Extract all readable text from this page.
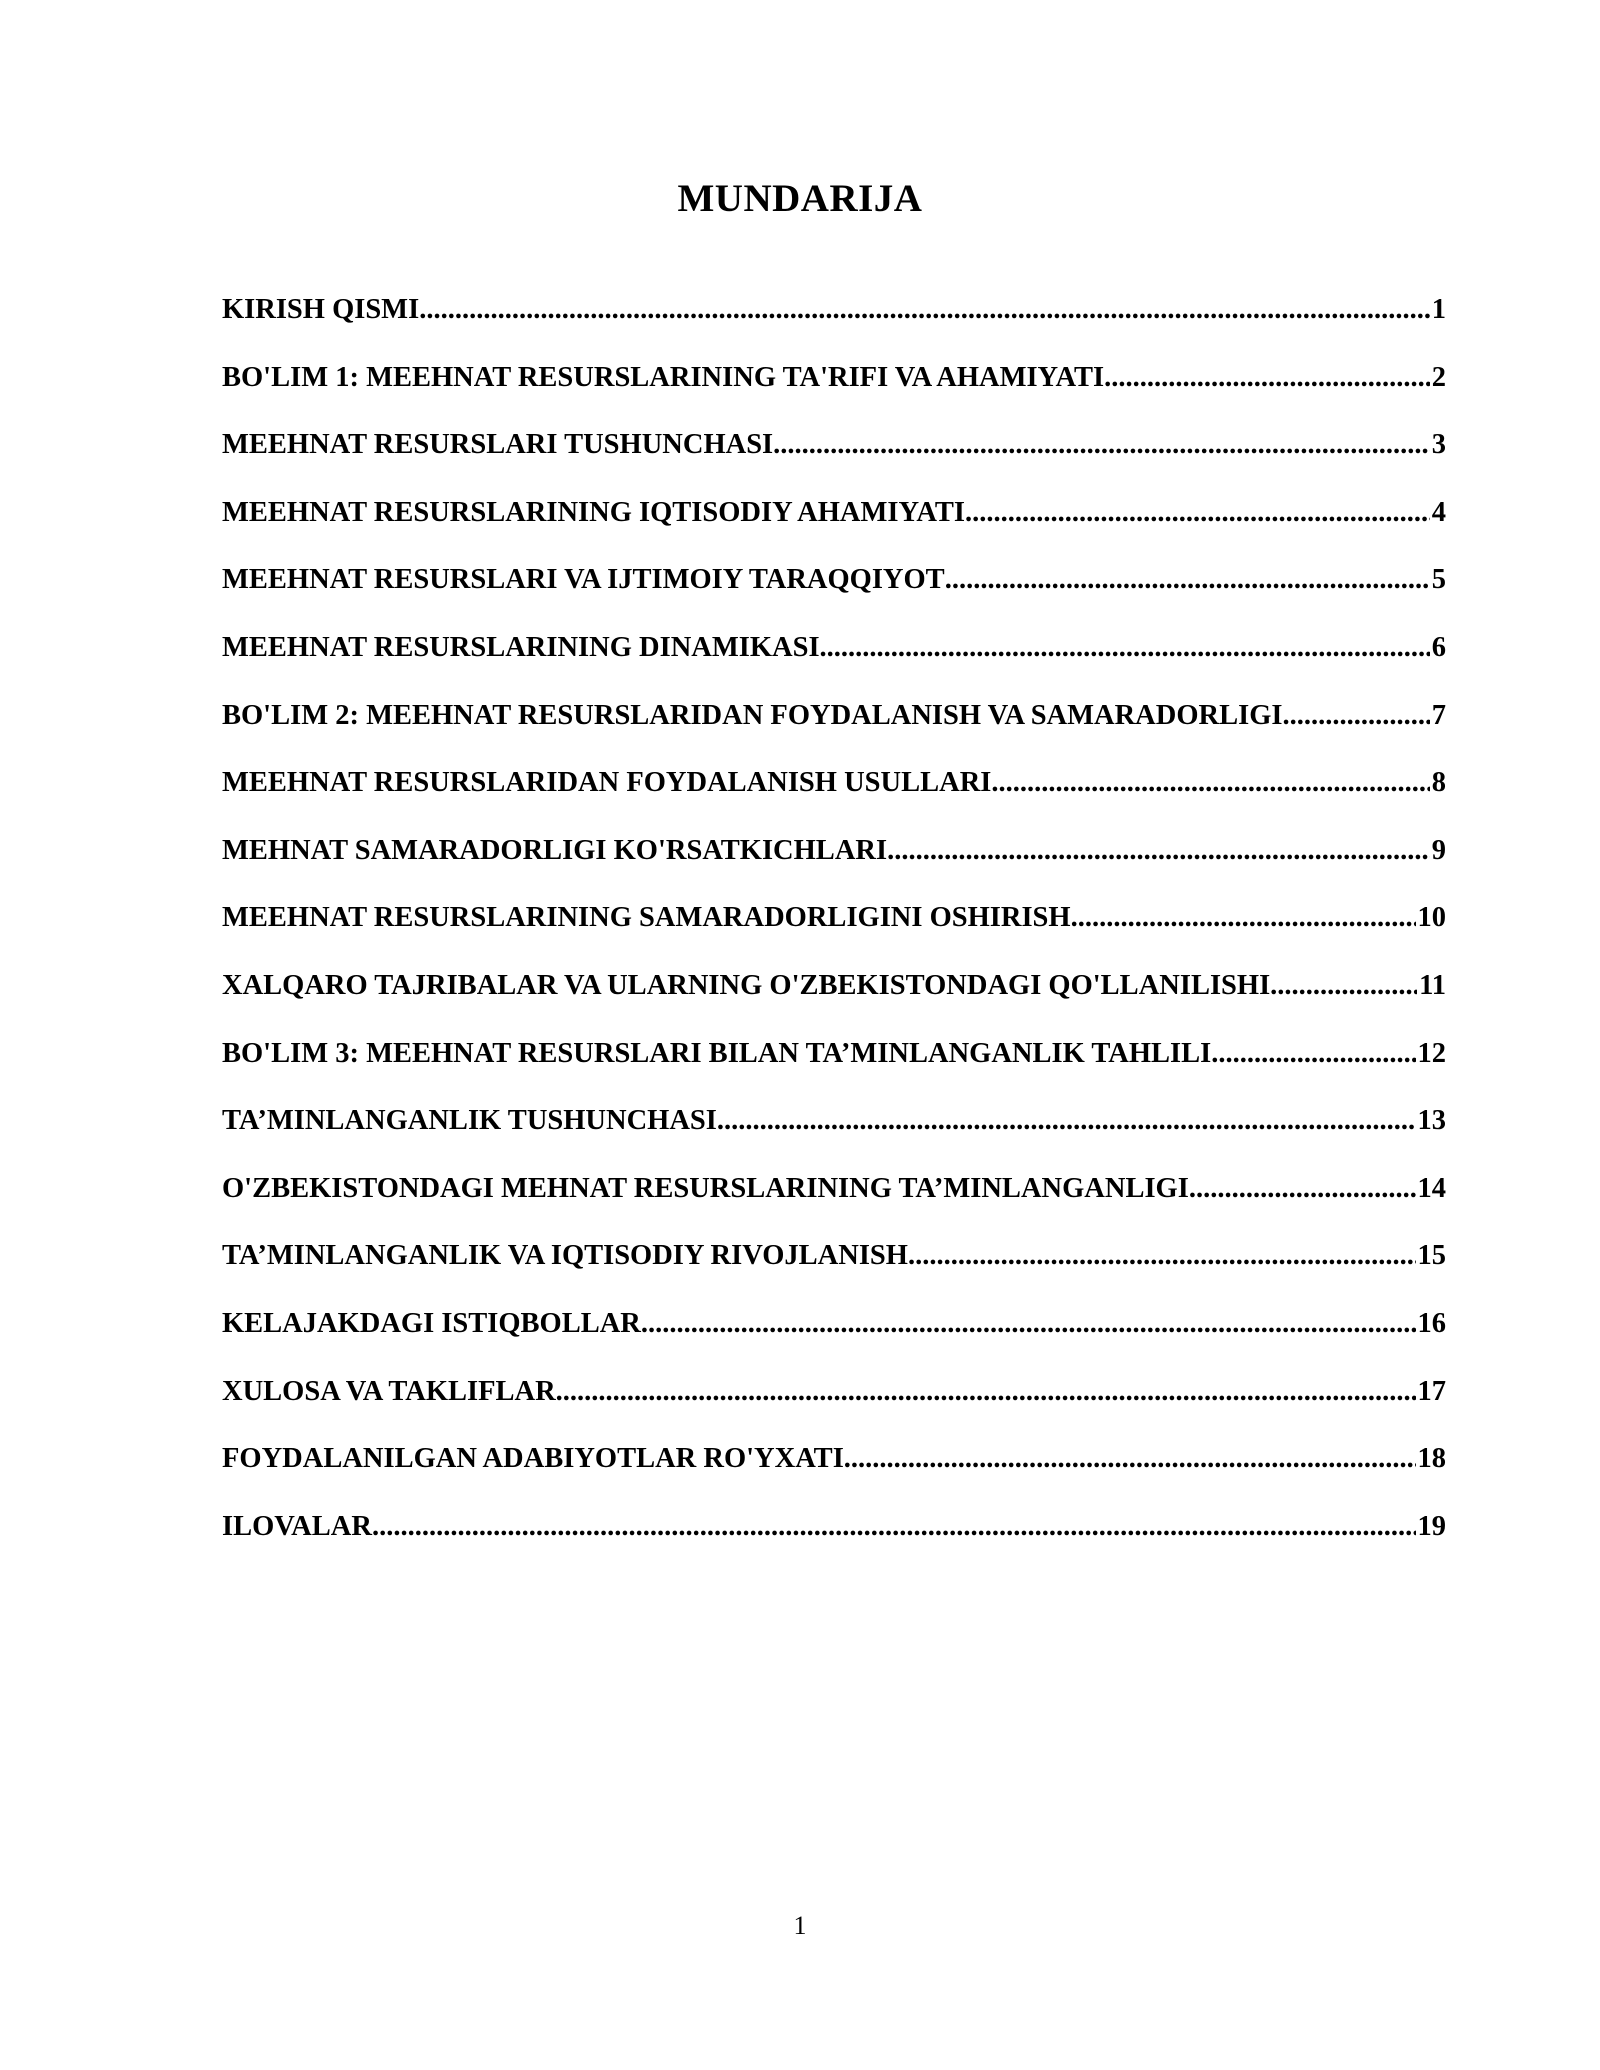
MUNDARIJA
KIRISH QISMI .....	1
BO'LIM 1: MEEHNAT RESURSLARINING TA'RIFI VA AHAMIYATI .....	2
MEEHNAT RESURSLARI TUSHUNCHASI .....	3
MEEHNAT RESURSLARINING IQTISODIY AHAMIYATI .....	4
MEEHNAT RESURSLARI VA IJTIMOIY TARAQQIYOT .....	5
MEEHNAT RESURSLARINING DINAMIKASI .....	6
BO'LIM 2: MEEHNAT RESURSLARIDAN FOYDALANISH VA SAMARADORLIGI .....	7
MEEHNAT RESURSLARIDAN FOYDALANISH USULLARI .....	8
MEHNAT SAMARADORLIGI KO'RSATKICHLARI .....	9
MEEHNAT RESURSLARINING SAMARADORLIGINI OSHIRISH .....	10
XALQARO TAJRIBALAR VA ULARNING O'ZBEKISTONDAGI QO'LLANILISHI .....	11
BO'LIM 3: MEEHNAT RESURSLARI BILAN TA’MINLANGANLIK TAHLILI .....	12
TA’MINLANGANLIK TUSHUNCHASI .....	13
O'ZBEKISTONDAGI MEHNAT RESURSLARINING TA’MINLANGANLIGI .....	14
TA’MINLANGANLIK VA IQTISODIY RIVOJLANISH .....	15
KELAJAKDAGI ISTIQBOLLAR .....	16
XULOSA VA TAKLIFLAR .....	17
FOYDALANILGAN ADABIYOTLAR RO'YXATI .....	18
ILOVALAR .....	19
1
